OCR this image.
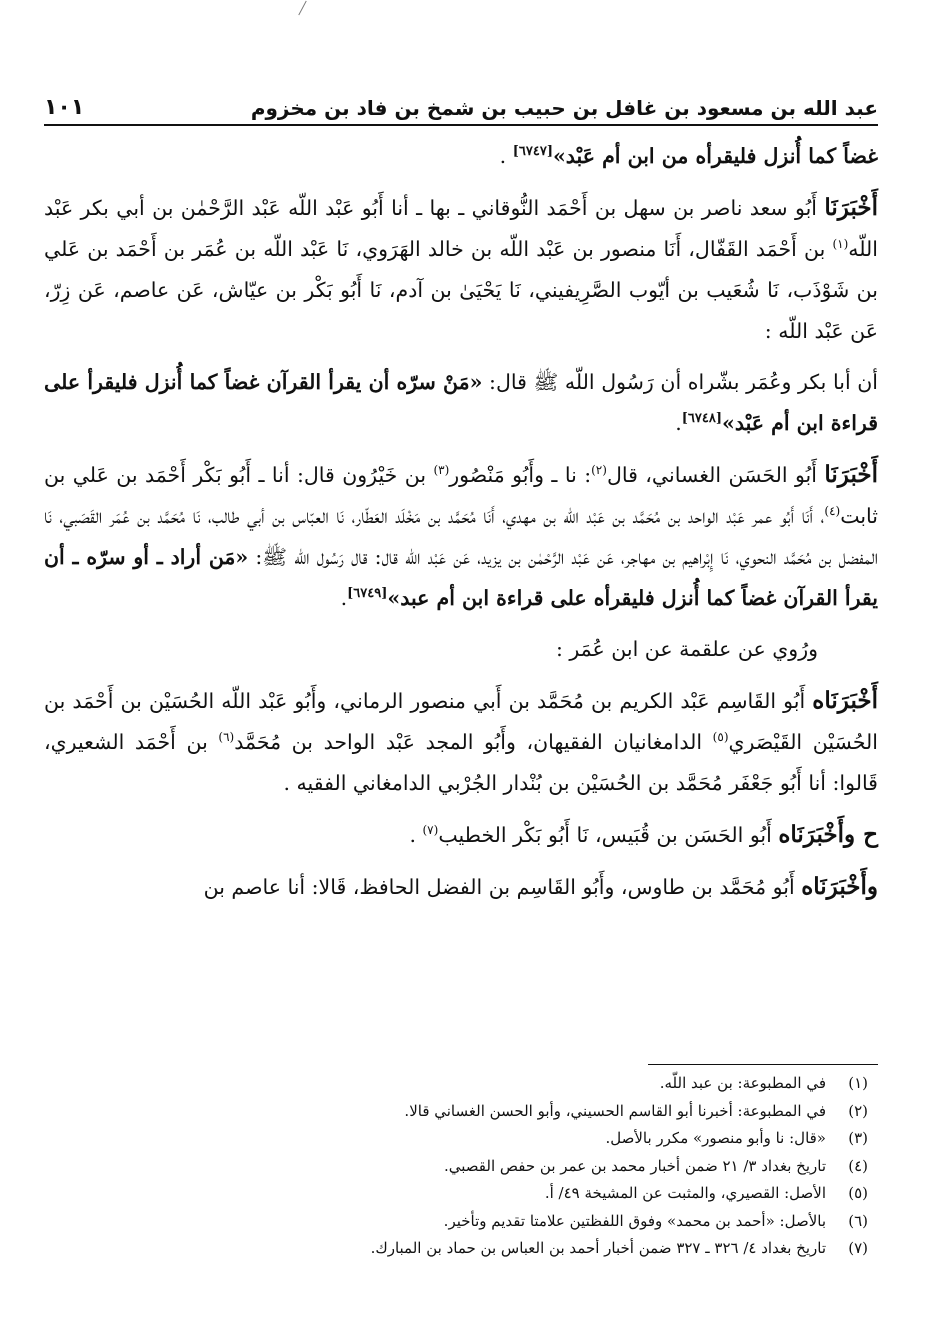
عبد الله بن مسعود بن غافل بن حبيب بن شمخ بن فاد بن مخزوم
١٠١

غضاً كما أُنزل فليقرأه من ابن أم عَبْد»[٦٧٤٧] .

أَخْبَرَنَا أَبُو سعد ناصر بن سهل بن أَحْمَد النُّوقاني ـ بها ـ أنا أَبُو عَبْد اللّه عَبْد الرَّحْمٰن بن أبي بكر عَبْد اللّه$^{(١)}$ بن أَحْمَد القَفّال، أَنَا منصور بن عَبْد اللّه بن خالد الهَرَوي، نَا عَبْد اللّه بن عُمَر بن أَحْمَد بن عَلي بن شَوْذَب، نَا شُعَيب بن أيّوب الصَّرِيفيني، نَا يَحْيَىٰ بن آدم، نَا أَبُو بَكْر بن عيّاش، عَن عاصم، عَن زِرّ، عَن عَبْد اللّه :

أن أبا بكر وعُمَر بشّراه أن رَسُول اللّه ﷺ قال: «مَنْ سرّه أن يقرأ القرآن غضاً كما أُنزل فليقرأ على قراءة ابن أم عَبْد»[٦٧٤٨].

أَخْبَرَنَا أَبُو الحَسَن الغساني، قال$^{(٢)}$: نا ـ وأَبُو مَنْصُور$^{(٣)}$ بن خَيْرُون قال: أنا ـ أَبُو بَكْر أَحْمَد بن عَلي بن ثابت$^{(٤)}$، أَنَا أَبُو عمر عَبْد الواحد بن مُحَمَّد بن عَبْد اللّه بن مهدي، أَنَا مُحَمَّد بن مَخْلَد العَطّار، نَا العبّاس بن أبي طالب، نَا مُحَمَّد بن عُمَر القَصَبي، نَا المفضل بن مُحَمَّد النحوي، نَا إِبْراهيم بن مهاجر، عَن عَبْد الرَّحْمٰن بن يزيد، عَن عَبْد اللّه قال: قال رَسُول اللّه ﷺ: «مَن أراد ـ أو سرّه ـ أن يقرأ القرآن غضاً كما أُنزل فليقرأه على قراءة ابن أم عبد»[٦٧٤٩].

ورُوي عن علقمة عن ابن عُمَر :

أَخْبَرَنَاه أَبُو القَاسِم عَبْد الكريم بن مُحَمَّد بن أَبي منصور الرماني، وأَبُو عَبْد اللّه الحُسَيْن بن أَحْمَد بن الحُسَيْن القَيْصَري$^{(٥)}$ الدامغانيان الفقيهان، وأَبُو المجد عَبْد الواحد بن مُحَمَّد$^{(٦)}$ بن أَحْمَد الشعيري، قَالوا: أنا أَبُو جَعْفَر مُحَمَّد بن الحُسَيْن بن بُنْدار الجُرْبي الدامغاني الفقيه .

ح وأَخْبَرَنَاه أَبُو الحَسَن بن قُبَيس، نَا أَبُو بَكْر الخطيب$^{(٧)}$ .

وأَخْبَرَنَاه أَبُو مُحَمَّد بن طاوس، وأَبُو القَاسِم بن الفضل الحافظ، قَالا: أنا عاصم بن

(١)
في المطبوعة: بن عبد اللّه.
(٢)
في المطبوعة: أخبرنا أبو القاسم الحسيني، وأبو الحسن الغساني قالا.
(٣)
«قال: نا وأبو منصور» مكرر بالأصل.
(٤)
تاريخ بغداد ٣/ ٢١ ضمن أخبار محمد بن عمر بن حفص القصبي.
(٥)
الأصل: القصيري، والمثبت عن المشيخة ٤٩/ أ.
(٦)
بالأصل: «أحمد بن محمد» وفوق اللفظتين علامتا تقديم وتأخير.
(٧)
تاريخ بغداد ٤/ ٣٢٦ ـ ٣٢٧ ضمن أخبار أحمد بن العباس بن حماد بن المبارك.
